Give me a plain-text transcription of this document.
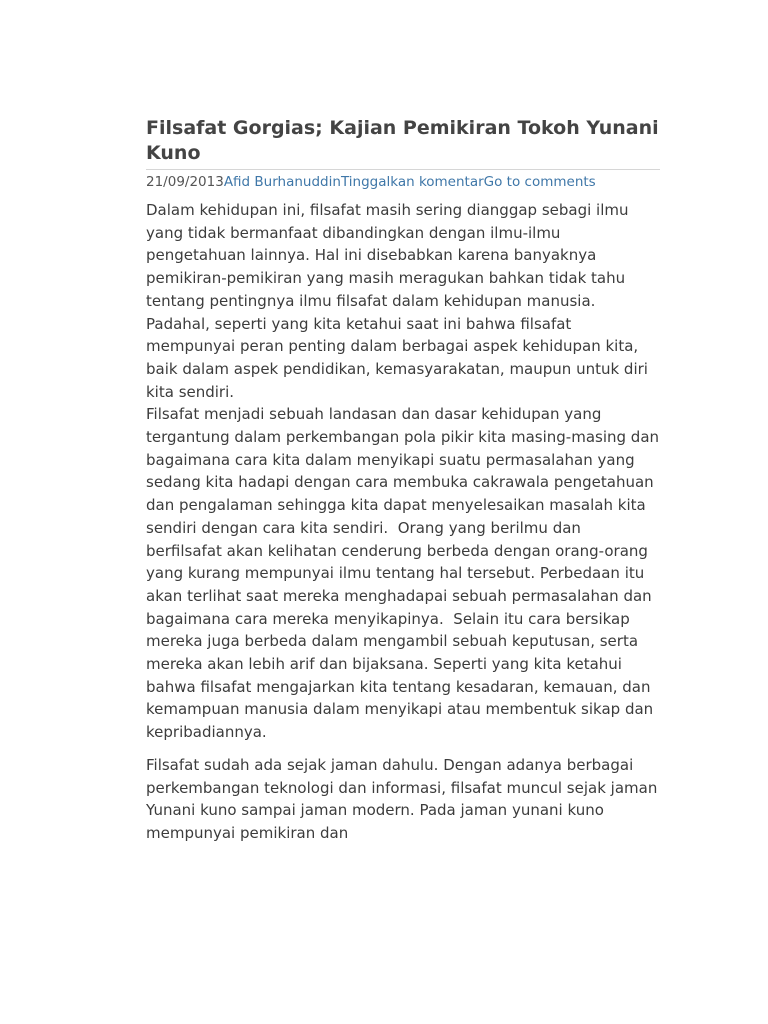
Filsafat Gorgias; Kajian Pemikiran Tokoh Yunani Kuno
21/09/2013Afid BurhanuddinTinggalkan komentarGo to comments

Dalam kehidupan ini, filsafat masih sering dianggap sebagi ilmu yang tidak bermanfaat dibandingkan dengan ilmu-ilmu pengetahuan lainnya. Hal ini disebabkan karena banyaknya pemikiran-pemikiran yang masih meragukan bahkan tidak tahu tentang pentingnya ilmu filsafat dalam kehidupan manusia. Padahal, seperti yang kita ketahui saat ini bahwa filsafat mempunyai peran penting dalam berbagai aspek kehidupan kita, baik dalam aspek pendidikan, kemasyarakatan, maupun untuk diri kita sendiri.

Filsafat menjadi sebuah landasan dan dasar kehidupan yang tergantung dalam perkembangan pola pikir kita masing-masing dan bagaimana cara kita dalam menyikapi suatu permasalahan yang sedang kita hadapi dengan cara membuka cakrawala pengetahuan dan pengalaman sehingga kita dapat menyelesaikan masalah kita sendiri dengan cara kita sendiri.  Orang yang berilmu dan berfilsafat akan kelihatan cenderung berbeda dengan orang-orang yang kurang mempunyai ilmu tentang hal tersebut. Perbedaan itu akan terlihat saat mereka menghadapai sebuah permasalahan dan bagaimana cara mereka menyikapinya.  Selain itu cara bersikap mereka juga berbeda dalam mengambil sebuah keputusan, serta mereka akan lebih arif dan bijaksana. Seperti yang kita ketahui bahwa filsafat mengajarkan kita tentang kesadaran, kemauan, dan kemampuan manusia dalam menyikapi atau membentuk sikap dan kepribadiannya.

Filsafat sudah ada sejak jaman dahulu. Dengan adanya berbagai perkembangan teknologi dan informasi, filsafat muncul sejak jaman Yunani kuno sampai jaman modern. Pada jaman yunani kuno mempunyai pemikiran dan
